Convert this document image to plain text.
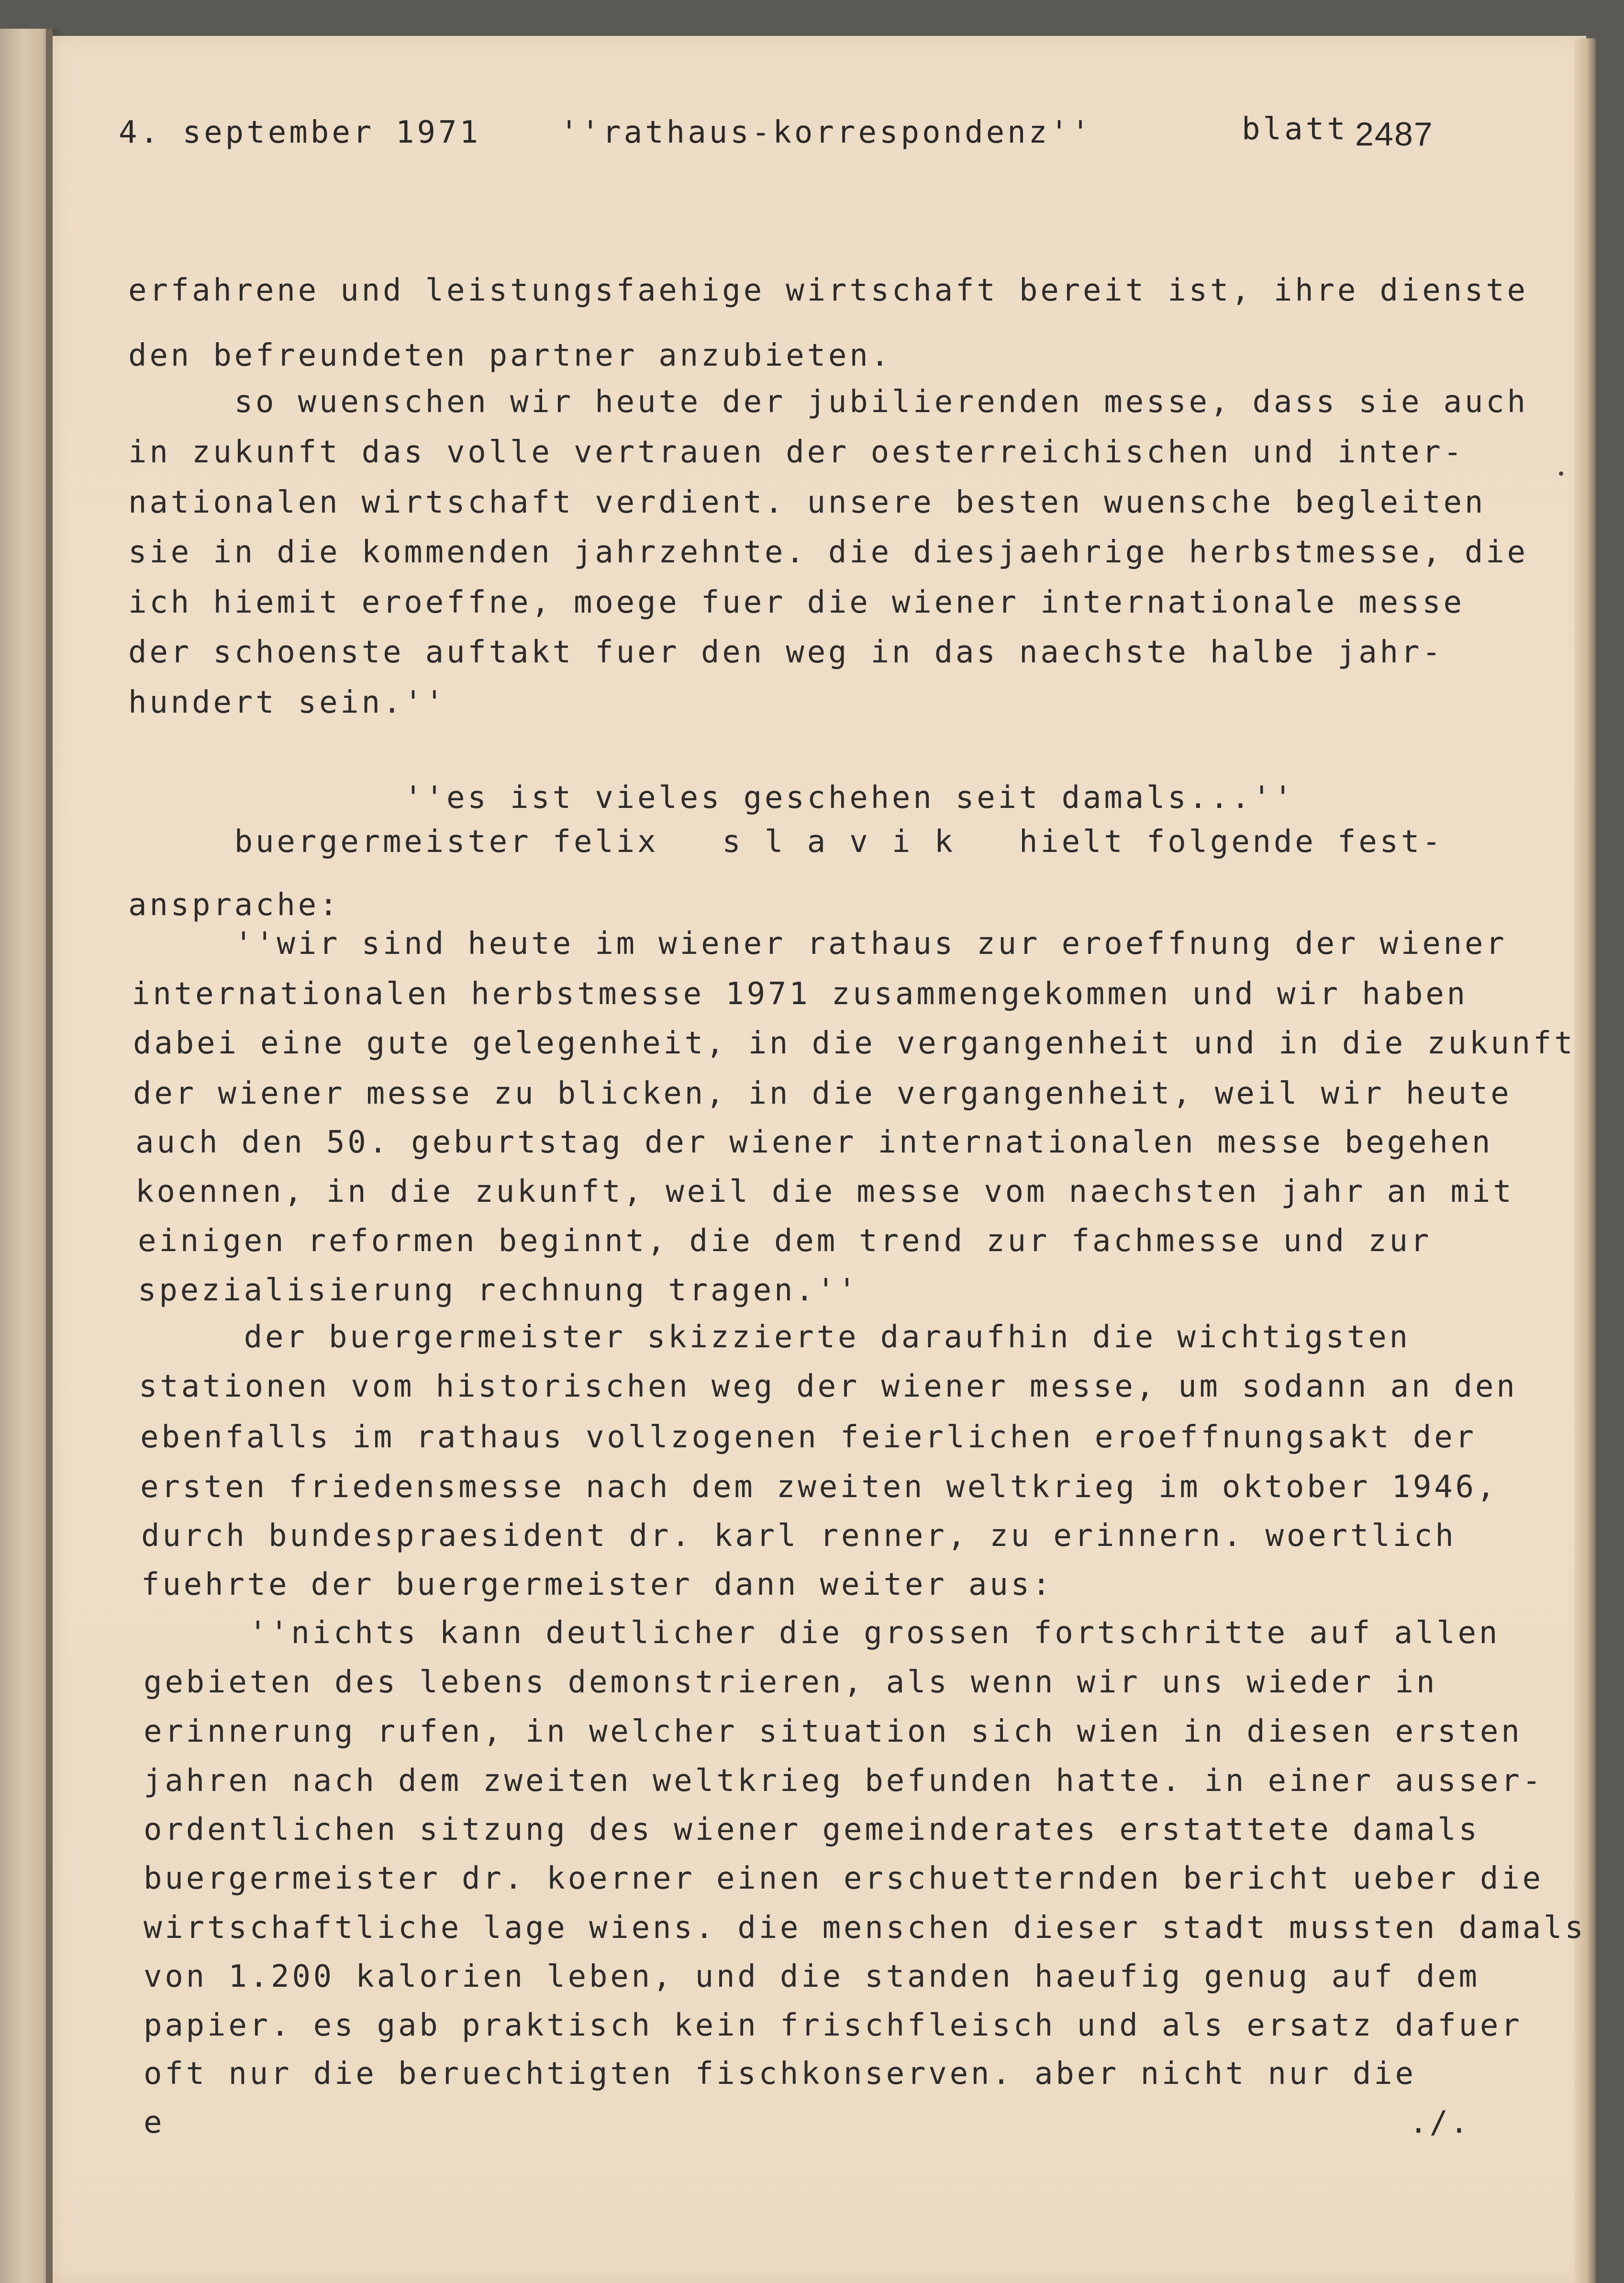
4. september 1971	''rathaus-korrespondenz''	blatt 2487
erfahrene und leistungsfaehige wirtschaft bereit ist, ihre dienste
den befreundeten partner anzubieten.
so wuenschen wir heute der jubilierenden messe, dass sie auch
in zukunft das volle vertrauen der oesterreichischen und inter-
nationalen wirtschaft verdient. unsere besten wuensche begleiten
sie in die kommenden jahrzehnte. die diesjaehrige herbstmesse, die
ich hiemit eroeffne, moege fuer die wiener internationale messe
der schoenste auftakt fuer den weg in das naechste halbe jahr-
hundert sein.''
''es ist vieles geschehen seit damals...''
buergermeister felix   s l a v i k   hielt folgende fest-
ansprache:
''wir sind heute im wiener rathaus zur eroeffnung der wiener
internationalen herbstmesse 1971 zusammengekommen und wir haben
dabei eine gute gelegenheit, in die vergangenheit und in die zukunft
der wiener messe zu blicken, in die vergangenheit, weil wir heute
auch den 50. geburtstag der wiener internationalen messe begehen
koennen, in die zukunft, weil die messe vom naechsten jahr an mit
einigen reformen beginnt, die dem trend zur fachmesse und zur
spezialisierung rechnung tragen.''
der buergermeister skizzierte daraufhin die wichtigsten
stationen vom historischen weg der wiener messe, um sodann an den
ebenfalls im rathaus vollzogenen feierlichen eroeffnungsakt der
ersten friedensmesse nach dem zweiten weltkrieg im oktober 1946,
durch bundespraesident dr. karl renner, zu erinnern. woertlich
fuehrte der buergermeister dann weiter aus:
''nichts kann deutlicher die grossen fortschritte auf allen
gebieten des lebens demonstrieren, als wenn wir uns wieder in
erinnerung rufen, in welcher situation sich wien in diesen ersten
jahren nach dem zweiten weltkrieg befunden hatte. in einer ausser-
ordentlichen sitzung des wiener gemeinderates erstattete damals
buergermeister dr. koerner einen erschuetternden bericht ueber die
wirtschaftliche lage wiens. die menschen dieser stadt mussten damals
von 1.200 kalorien leben, und die standen haeufig genug auf dem
papier. es gab praktisch kein frischfleisch und als ersatz dafuer
oft nur die beruechtigten fischkonserven. aber nicht nur die
e	./.
